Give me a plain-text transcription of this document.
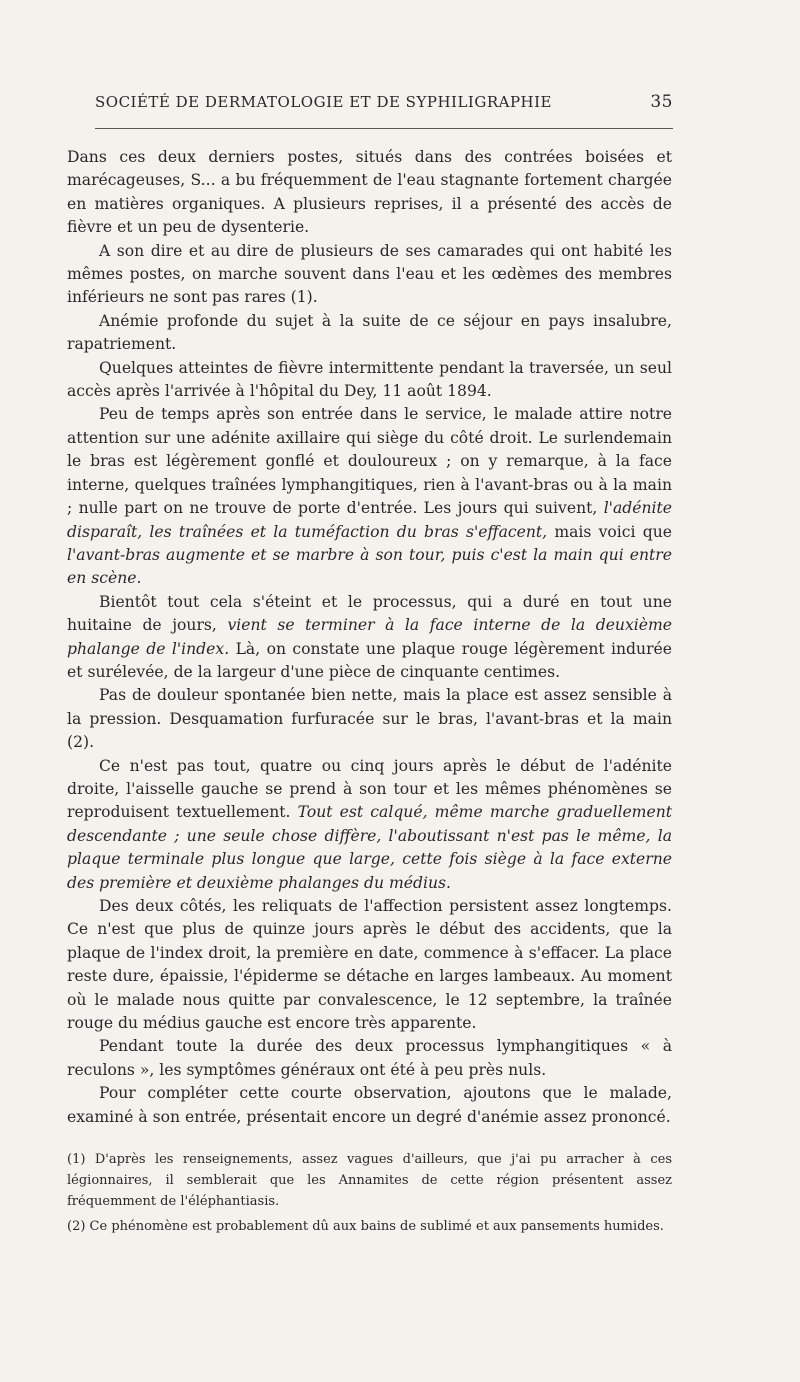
SOCIÉTÉ DE DERMATOLOGIE ET DE SYPHILIGRAPHIE	35

Dans ces deux derniers postes, situés dans des contrées boisées et marécageuses, S... a bu fréquemment de l'eau stagnante fortement chargée en matières organiques. A plusieurs reprises, il a présenté des accès de fièvre et un peu de dysenterie.

A son dire et au dire de plusieurs de ses camarades qui ont habité les mêmes postes, on marche souvent dans l'eau et les œdèmes des membres inférieurs ne sont pas rares (1).

Anémie profonde du sujet à la suite de ce séjour en pays insalubre, rapatriement.

Quelques atteintes de fièvre intermittente pendant la traversée, un seul accès après l'arrivée à l'hôpital du Dey, 11 août 1894.

Peu de temps après son entrée dans le service, le malade attire notre attention sur une adénite axillaire qui siège du côté droit. Le surlendemain le bras est légèrement gonflé et douloureux ; on y remarque, à la face interne, quelques traînées lymphangitiques, rien à l'avant-bras ou à la main ; nulle part on ne trouve de porte d'entrée. Les jours qui suivent, l'adénite disparaît, les traînées et la tuméfaction du bras s'effacent, mais voici que l'avant-bras augmente et se marbre à son tour, puis c'est la main qui entre en scène.

Bientôt tout cela s'éteint et le processus, qui a duré en tout une huitaine de jours, vient se terminer à la face interne de la deuxième phalange de l'index. Là, on constate une plaque rouge légèrement indurée et surélevée, de la largeur d'une pièce de cinquante centimes.

Pas de douleur spontanée bien nette, mais la place est assez sensible à la pression. Desquamation furfuracée sur le bras, l'avant-bras et la main (2).

Ce n'est pas tout, quatre ou cinq jours après le début de l'adénite droite, l'aisselle gauche se prend à son tour et les mêmes phénomènes se reproduisent textuellement. Tout est calqué, même marche graduellement descendante ; une seule chose diffère, l'aboutissant n'est pas le même, la plaque terminale plus longue que large, cette fois siège à la face externe des première et deuxième phalanges du médius.

Des deux côtés, les reliquats de l'affection persistent assez longtemps. Ce n'est que plus de quinze jours après le début des accidents, que la plaque de l'index droit, la première en date, commence à s'effacer. La place reste dure, épaissie, l'épiderme se détache en larges lambeaux. Au moment où le malade nous quitte par convalescence, le 12 septembre, la traînée rouge du médius gauche est encore très apparente.

Pendant toute la durée des deux processus lymphangitiques « à reculons », les symptômes généraux ont été à peu près nuls.

Pour compléter cette courte observation, ajoutons que le malade, examiné à son entrée, présentait encore un degré d'anémie assez prononcé.

(1) D'après les renseignements, assez vagues d'ailleurs, que j'ai pu arracher à ces légionnaires, il semblerait que les Annamites de cette région présentent assez fréquemment de l'éléphantiasis.

(2) Ce phénomène est probablement dû aux bains de sublimé et aux pansements humides.
